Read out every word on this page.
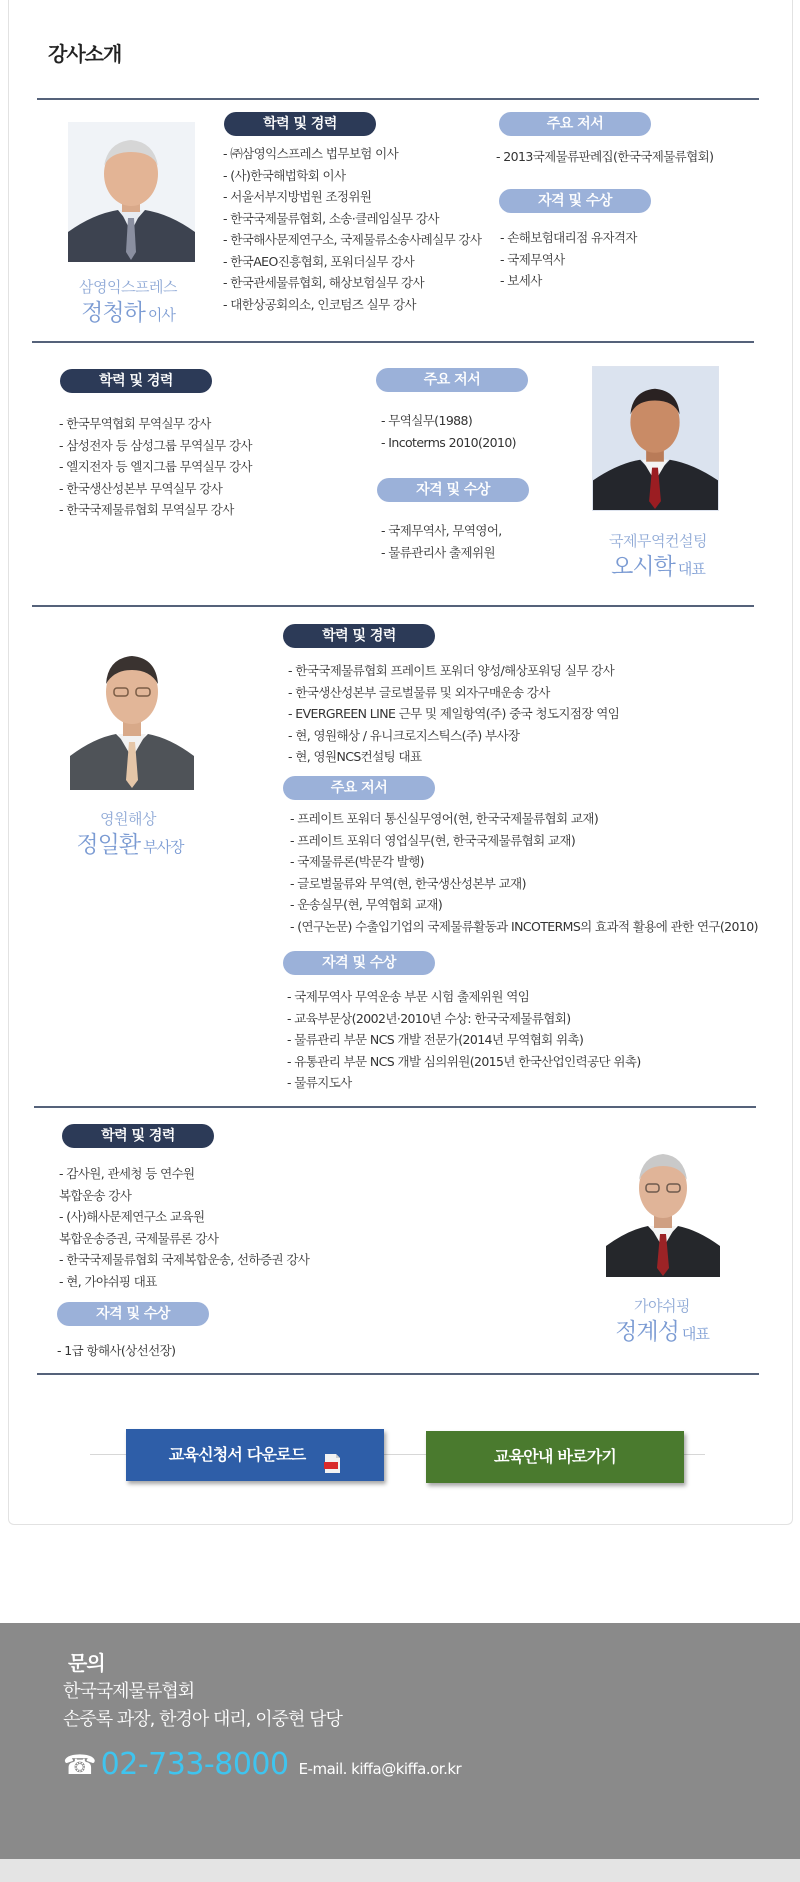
강사소개
삼영익스프레스
정청하 이사
학력 및 경력
- ㈜삼영익스프레스 법무보험 이사
- (사)한국해법학회 이사
- 서울서부지방법원 조정위원
- 한국국제물류협회, 소송·클레임실무 강사
- 한국해사문제연구소, 국제물류소송사례실무 강사
- 한국AEO진흥협회, 포워더실무 강사
- 한국관세물류협회, 해상보험실무 강사
- 대한상공회의소, 인코텀즈 실무 강사
주요 저서
- 2013국제물류판례집(한국국제물류협회)
자격 및 수상
- 손해보험대리점 유자격자
- 국제무역사
- 보세사
학력 및 경력
- 한국무역협회 무역실무 강사
- 삼성전자 등 삼성그룹 무역실무 강사
- 엘지전자 등 엘지그룹 무역실무 강사
- 한국생산성본부 무역실무 강사
- 한국국제물류협회 무역실무 강사
주요 저서
- 무역실무(1988)
- Incoterms 2010(2010)
자격 및 수상
- 국제무역사, 무역영어,
- 물류관리사 출제위원
국제무역컨설팅
오시학 대표
영원해상
정일환 부사장
학력 및 경력
- 한국국제물류협회 프레이트 포워더 양성/해상포워딩 실무 강사
- 한국생산성본부 글로벌물류 및 외자구매운송 강사
- EVERGREEN LINE 근무 및 제일항역(주) 중국 청도지점장 역임
- 현, 영원해상 / 유니크로지스틱스(주) 부사장
- 현, 영원NCS컨설팅 대표
주요 저서
- 프레이트 포워더 통신실무영어(현, 한국국제물류협회 교재)
- 프레이트 포워더 영업실무(현, 한국국제물류협회 교재)
- 국제물류론(박문각 발행)
- 글로벌물류와 무역(현, 한국생산성본부 교재)
- 운송실무(현, 무역협회 교재)
- (연구논문) 수출입기업의 국제물류활동과 INCOTERMS의 효과적 활용에 관한 연구(2010)
자격 및 수상
- 국제무역사 무역운송 부문 시험 출제위원 역임
- 교육부문상(2002년·2010년 수상: 한국국제물류협회)
- 물류관리 부문 NCS 개발 전문가(2014년 무역협회 위촉)
- 유통관리 부문 NCS 개발 심의위원(2015년 한국산업인력공단 위촉)
- 물류지도사
학력 및 경력
- 감사원, 관세청 등 연수원
복합운송 강사
- (사)해사문제연구소 교육원
복합운송증권, 국제물류론 강사
- 한국국제물류협회 국제복합운송, 선하증권 강사
- 현, 가야쉬핑 대표
자격 및 수상
- 1급 항해사(상선선장)
가야쉬핑
정계성 대표
교육신청서 다운로드	교육안내 바로가기
문의
한국국제물류협회
손중록 과장, 한경아 대리, 이중현 담당
☎ 02-733-8000 E-mail. kiffa@kiffa.or.kr
